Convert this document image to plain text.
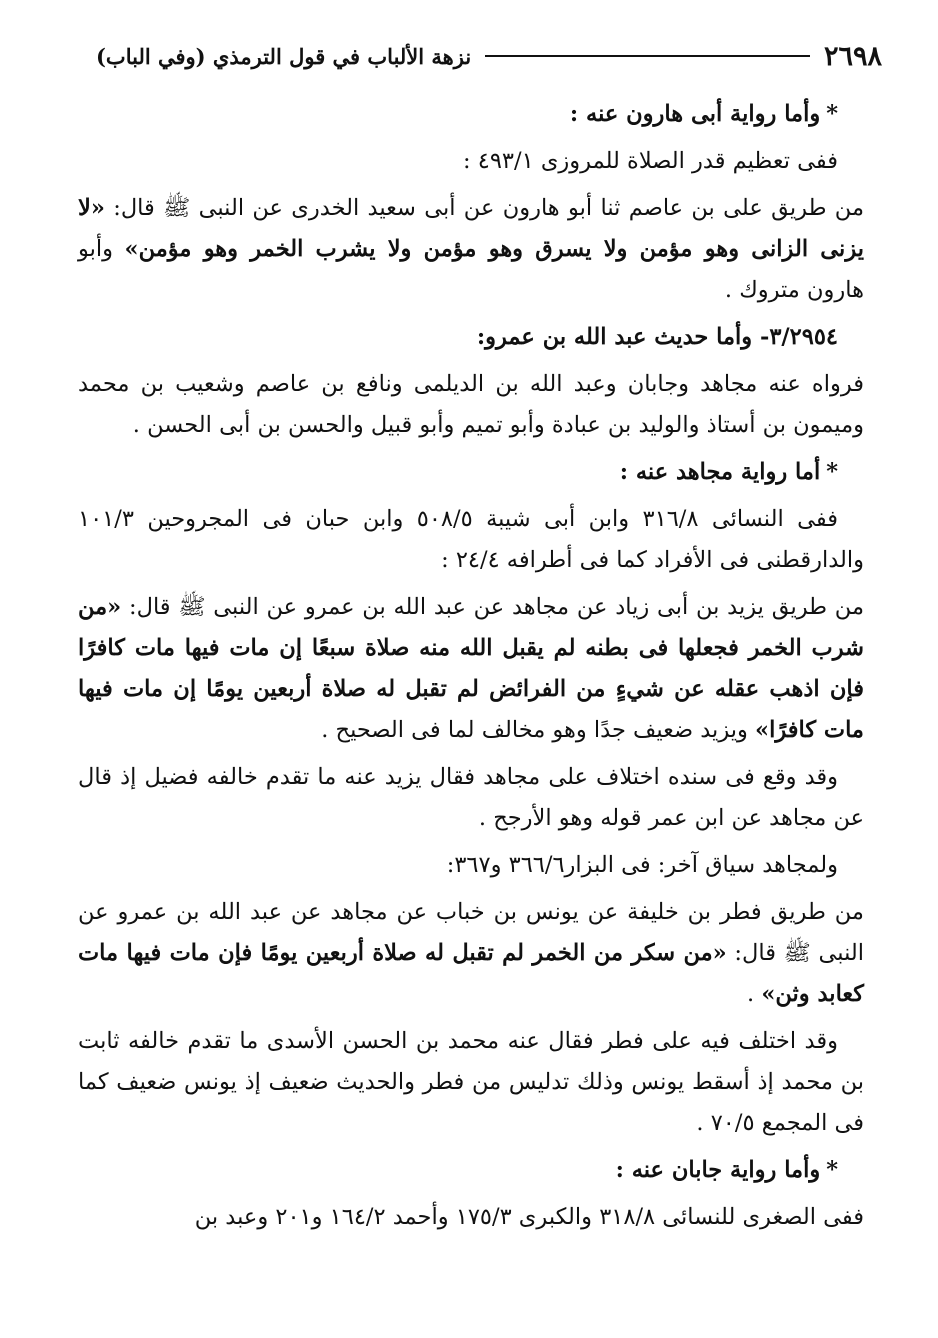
٢٦٩٨
نزهة الألباب في قول الترمذي (وفي الباب)

*وأما رواية أبى هارون عنه :

ففى تعظيم قدر الصلاة للمروزى ٤٩٣/١ :

من طريق على بن عاصم ثنا أبو هارون عن أبى سعيد الخدرى عن النبى ﷺ قال: «لا يزنى الزانى وهو مؤمن ولا يسرق وهو مؤمن ولا يشرب الخمر وهو مؤمن» وأبو هارون متروك .

٣/٢٩٥٤- وأما حديث عبد الله بن عمرو:

فرواه عنه مجاهد وجابان وعبد الله بن الديلمى ونافع بن عاصم وشعيب بن محمد وميمون بن أستاذ والوليد بن عبادة وأبو تميم وأبو قبيل والحسن بن أبى الحسن .

*أما رواية مجاهد عنه :

ففى النسائى ٣١٦/٨ وابن أبى شيبة ٥٠٨/٥ وابن حبان فى المجروحين ١٠١/٣ والدارقطنى فى الأفراد كما فى أطرافه ٢٤/٤ :

من طريق يزيد بن أبى زياد عن مجاهد عن عبد الله بن عمرو عن النبى ﷺ قال: «من شرب الخمر فجعلها فى بطنه لم يقبل الله منه صلاة سبعًا إن مات فيها مات كافرًا فإن اذهب عقله عن شيءٍ من الفرائض لم تقبل له صلاة أربعين يومًا إن مات فيها مات كافرًا» ويزيد ضعيف جدًا وهو مخالف لما فى الصحيح .

وقد وقع فى سنده اختلاف على مجاهد فقال يزيد عنه ما تقدم خالفه فضيل إذ قال عن مجاهد عن ابن عمر قوله وهو الأرجح .

ولمجاهد سياق آخر: فى البزار٣٦٦/٦ و٣٦٧:

من طريق فطر بن خليفة عن يونس بن خباب عن مجاهد عن عبد الله بن عمرو عن النبى ﷺ قال: «من سكر من الخمر لم تقبل له صلاة أربعين يومًا فإن مات فيها مات كعابد وثن» .

وقد اختلف فيه على فطر فقال عنه محمد بن الحسن الأسدى ما تقدم خالفه ثابت بن محمد إذ أسقط يونس وذلك تدليس من فطر والحديث ضعيف إذ يونس ضعيف كما فى المجمع ٧٠/٥ .

*وأما رواية جابان عنه :

ففى الصغرى للنسائى ٣١٨/٨ والكبرى ١٧٥/٣ وأحمد ١٦٤/٢ و٢٠١ وعبد بن
